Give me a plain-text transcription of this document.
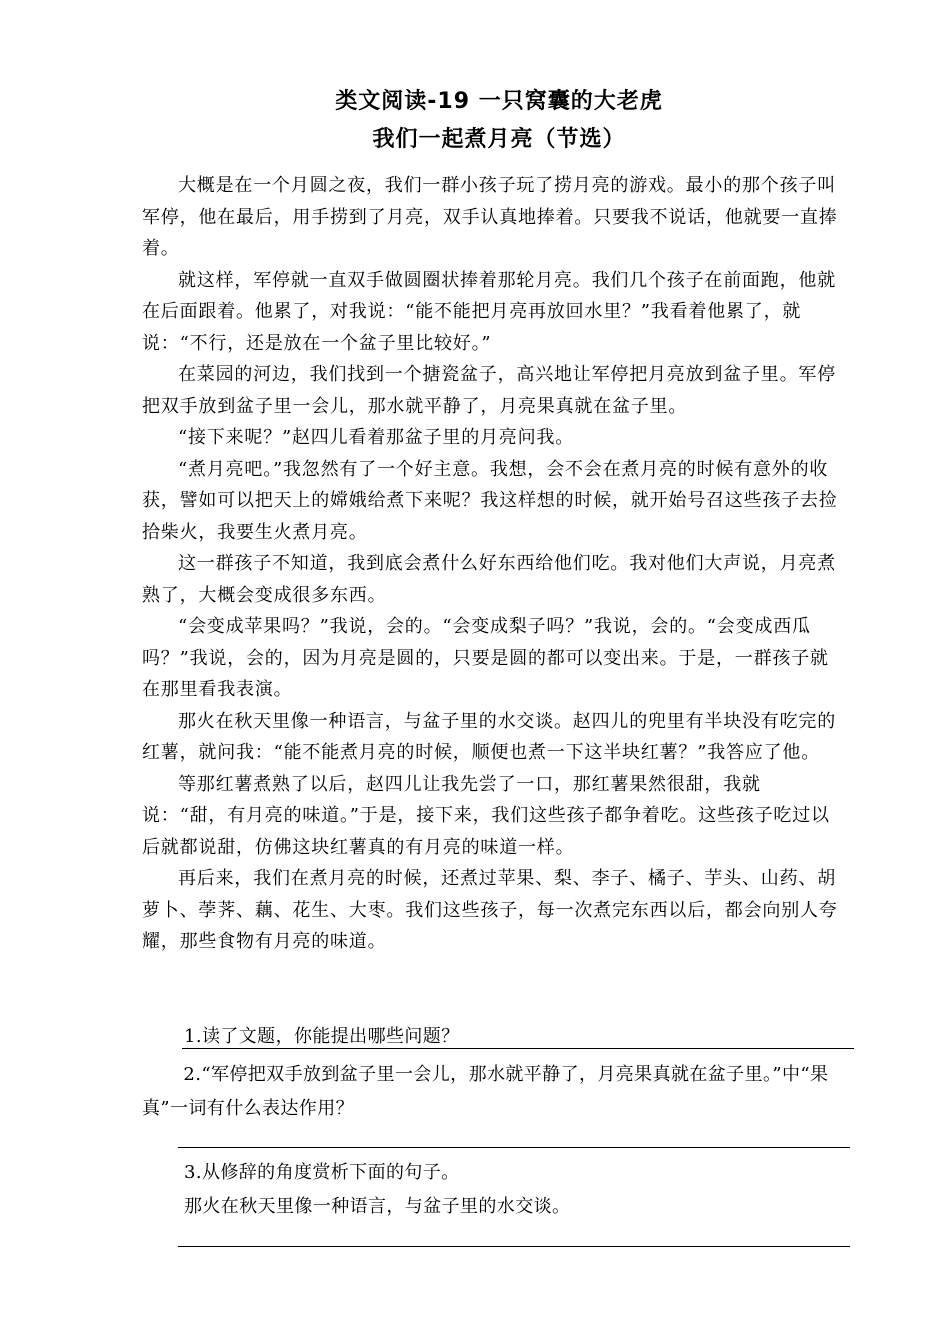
类文阅读-19 一只窝囊的大老虎
我们一起煮月亮（节选）

大概是在一个月圆之夜，我们一群小孩子玩了捞月亮的游戏。最小的那个孩子叫军停，他在最后，用手捞到了月亮，双手认真地捧着。只要我不说话，他就要一直捧着。

就这样，军停就一直双手做圆圈状捧着那轮月亮。我们几个孩子在前面跑，他就在后面跟着。他累了，对我说：“能不能把月亮再放回水里？”我看着他累了，就说：“不行，还是放在一个盆子里比较好。”

在菜园的河边，我们找到一个搪瓷盆子，高兴地让军停把月亮放到盆子里。军停把双手放到盆子里一会儿，那水就平静了，月亮果真就在盆子里。

“接下来呢？”赵四儿看着那盆子里的月亮问我。

“煮月亮吧。”我忽然有了一个好主意。我想，会不会在煮月亮的时候有意外的收获，譬如可以把天上的嫦娥给煮下来呢？我这样想的时候，就开始号召这些孩子去捡拾柴火，我要生火煮月亮。

这一群孩子不知道，我到底会煮什么好东西给他们吃。我对他们大声说，月亮煮熟了，大概会变成很多东西。

“会变成苹果吗？”我说，会的。“会变成梨子吗？”我说，会的。“会变成西瓜吗？”我说，会的，因为月亮是圆的，只要是圆的都可以变出来。于是，一群孩子就在那里看我表演。

那火在秋天里像一种语言，与盆子里的水交谈。赵四儿的兜里有半块没有吃完的红薯，就问我：“能不能煮月亮的时候，顺便也煮一下这半块红薯？”我答应了他。

等那红薯煮熟了以后，赵四儿让我先尝了一口，那红薯果然很甜，我就说：“甜，有月亮的味道。”于是，接下来，我们这些孩子都争着吃。这些孩子吃过以后就都说甜，仿佛这块红薯真的有月亮的味道一样。

再后来，我们在煮月亮的时候，还煮过苹果、梨、李子、橘子、芋头、山药、胡萝卜、荸荠、藕、花生、大枣。我们这些孩子，每一次煮完东西以后，都会向别人夸耀，那些食物有月亮的味道。

1.读了文题，你能提出哪些问题？

2.“军停把双手放到盆子里一会儿，那水就平静了，月亮果真就在盆子里。”中“果真”一词有什么表达作用？

3.从修辞的角度赏析下面的句子。

那火在秋天里像一种语言，与盆子里的水交谈。
